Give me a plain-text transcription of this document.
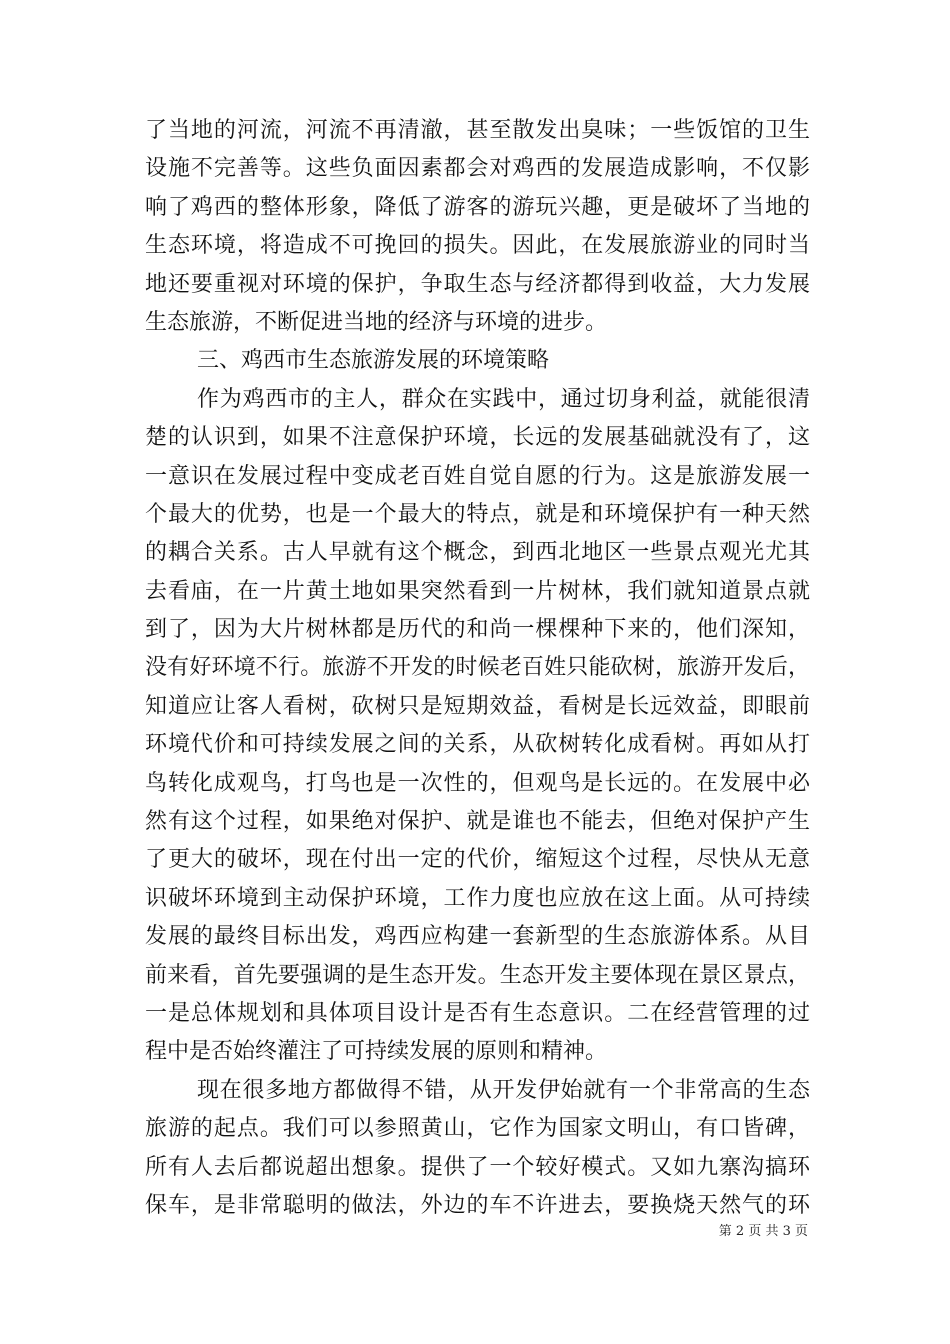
了当地的河流，河流不再清澈，甚至散发出臭味；一些饭馆的卫生
设施不完善等。这些负面因素都会对鸡西的发展造成影响，不仅影
响了鸡西的整体形象，降低了游客的游玩兴趣，更是破坏了当地的
生态环境，将造成不可挽回的损失。因此，在发展旅游业的同时当
地还要重视对环境的保护，争取生态与经济都得到收益，大力发展
生态旅游，不断促进当地的经济与环境的进步。
三、鸡西市生态旅游发展的环境策略
作为鸡西市的主人，群众在实践中，通过切身利益，就能很清
楚的认识到，如果不注意保护环境，长远的发展基础就没有了，这
一意识在发展过程中变成老百姓自觉自愿的行为。这是旅游发展一
个最大的优势，也是一个最大的特点，就是和环境保护有一种天然
的耦合关系。古人早就有这个概念，到西北地区一些景点观光尤其
去看庙，在一片黄土地如果突然看到一片树林，我们就知道景点就
到了，因为大片树林都是历代的和尚一棵棵种下来的，他们深知，
没有好环境不行。旅游不开发的时候老百姓只能砍树，旅游开发后，
知道应让客人看树，砍树只是短期效益，看树是长远效益，即眼前
环境代价和可持续发展之间的关系，从砍树转化成看树。再如从打
鸟转化成观鸟，打鸟也是一次性的，但观鸟是长远的。在发展中必
然有这个过程，如果绝对保护、就是谁也不能去，但绝对保护产生
了更大的破坏，现在付出一定的代价，缩短这个过程，尽快从无意
识破坏环境到主动保护环境，工作力度也应放在这上面。从可持续
发展的最终目标出发，鸡西应构建一套新型的生态旅游体系。从目
前来看，首先要强调的是生态开发。生态开发主要体现在景区景点，
一是总体规划和具体项目设计是否有生态意识。二在经营管理的过
程中是否始终灌注了可持续发展的原则和精神。
现在很多地方都做得不错，从开发伊始就有一个非常高的生态
旅游的起点。我们可以参照黄山，它作为国家文明山，有口皆碑，
所有人去后都说超出想象。提供了一个较好模式。又如九寨沟搞环
保车，是非常聪明的做法，外边的车不许进去，要换烧天然气的环
第 2 页 共 3 页
